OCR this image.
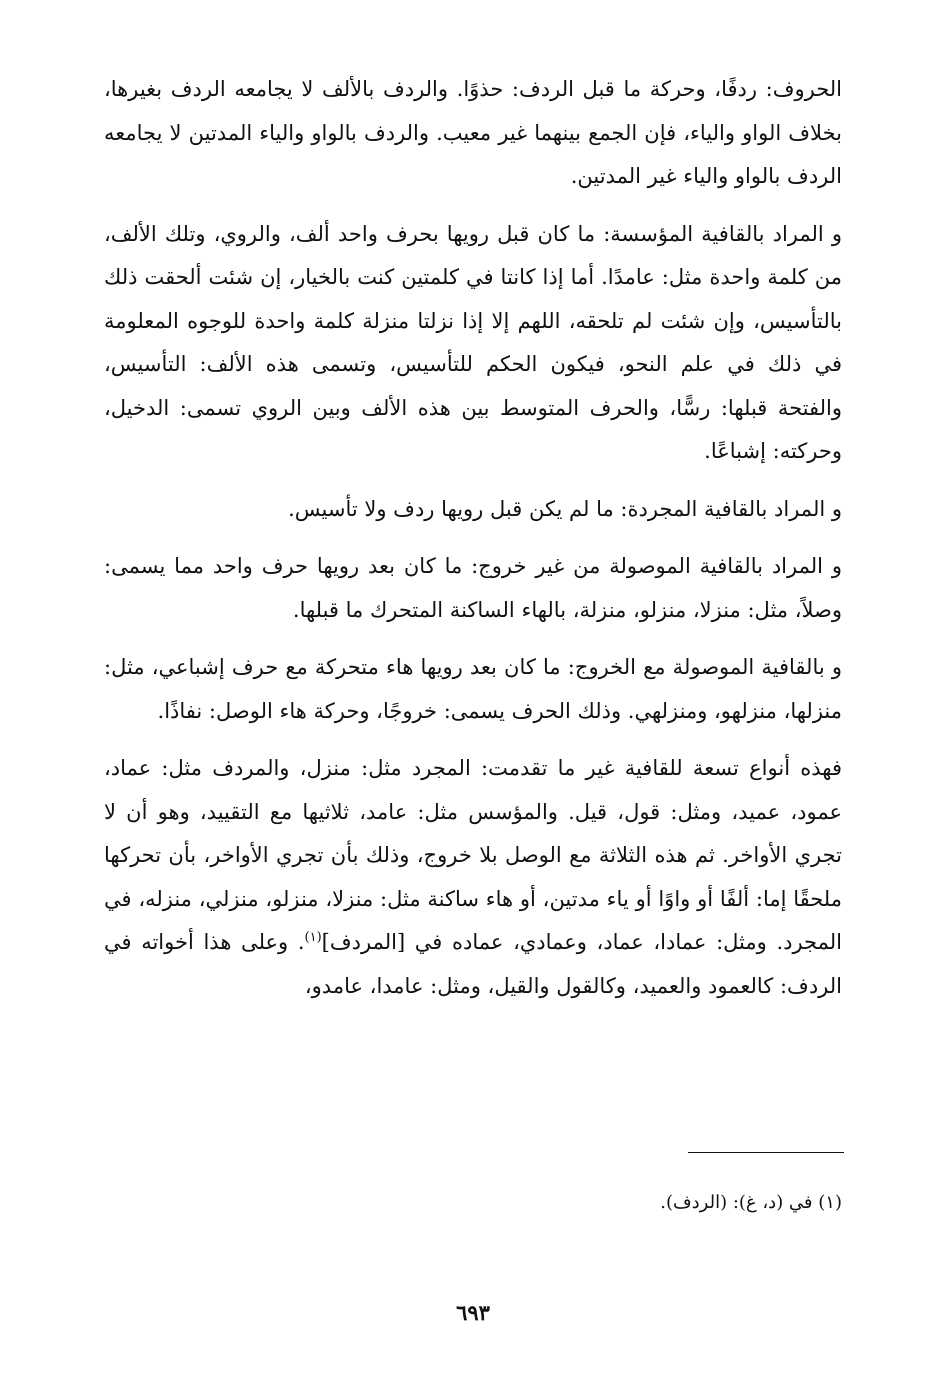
الحروف: ردفًا، وحركة ما قبل الردف: حذوًا. والردف بالألف لا يجامعه الردف بغيرها، بخلاف الواو والياء، فإن الجمع بينهما غير معيب. والردف بالواو والياء المدتين لا يجامعه الردف بالواو والياء غير المدتين.

و المراد بالقافية المؤسسة: ما كان قبل رويها بحرف واحد ألف، والروي، وتلك الألف، من كلمة واحدة مثل: عامدًا. أما إذا كانتا في كلمتين كنت بالخيار، إن شئت ألحقت ذلك بالتأسيس، وإن شئت لم تلحقه، اللهم إلا إذا نزلتا منزلة كلمة واحدة للوجوه المعلومة في ذلك في علم النحو، فيكون الحكم للتأسيس، وتسمى هذه الألف: التأسيس، والفتحة قبلها: رسًّا، والحرف المتوسط بين هذه الألف وبين الروي تسمى: الدخيل، وحركته: إشباعًا.

و المراد بالقافية المجردة: ما لم يكن قبل رويها ردف ولا تأسيس.

و المراد بالقافية الموصولة من غير خروج: ما كان بعد رويها حرف واحد مما يسمى: وصلاً، مثل: منزلا، منزلو، منزلة، بالهاء الساكنة المتحرك ما قبلها.

و بالقافية الموصولة مع الخروج: ما كان بعد رويها هاء متحركة مع حرف إشباعي، مثل: منزلها، منزلهو، ومنزلهي. وذلك الحرف يسمى: خروجًا، وحركة هاء الوصل: نفاذًا.

فهذه أنواع تسعة للقافية غير ما تقدمت: المجرد مثل: منزل، والمردف مثل: عماد، عمود، عميد، ومثل: قول، قيل. والمؤسس مثل: عامد، ثلاثيها مع التقييد، وهو أن لا تجري الأواخر. ثم هذه الثلاثة مع الوصل بلا خروج، وذلك بأن تجري الأواخر، بأن تحركها ملحقًا إما: ألفًا أو واوًا أو ياء مدتين، أو هاء ساكنة مثل: منزلا، منزلو، منزلي، منزله، في المجرد. ومثل: عمادا، عماد، وعمادي، عماده في [المردف]$^{(١)}$. وعلى هذا أخواته في الردف: كالعمود والعميد، وكالقول والقيل، ومثل: عامدا، عامدو،

(١) في (د، غ): (الردف).
٦٩٣
